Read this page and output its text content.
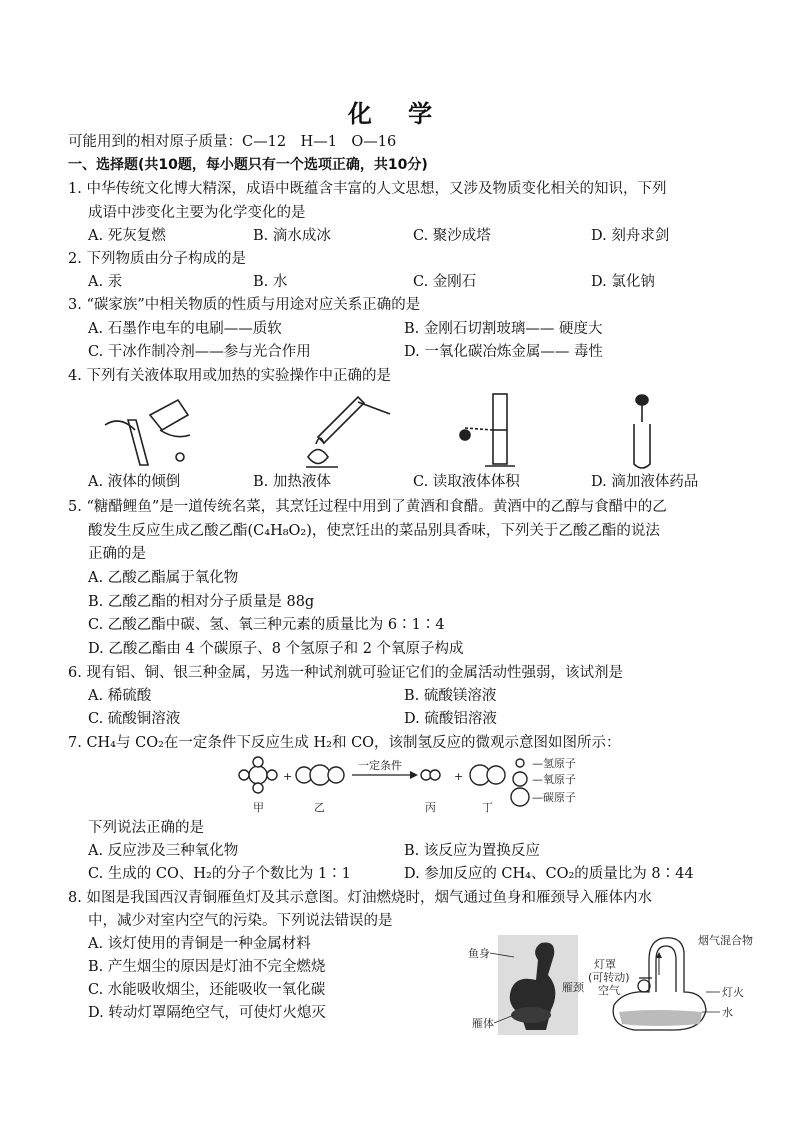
化 学
可能用到的相对原子质量：C—12　H—1　O—16
一、选择题(共10题，每小题只有一个选项正确，共10分)
1. 中华传统文化博大精深，成语中既蕴含丰富的人文思想，又涉及物质变化相关的知识，下列
成语中涉变化主要为化学变化的是
A. 死灰复燃	B. 滴水成冰	C. 聚沙成塔	D. 刻舟求剑
2. 下列物质由分子构成的是
A. 汞	B. 水	C. 金刚石	D. 氯化钠
3. “碳家族”中相关物质的性质与用途对应关系正确的是
A. 石墨作电车的电刷——质软	B. 金刚石切割玻璃—— 硬度大
C. 干冰作制冷剂——参与光合作用	D. 一氧化碳冶炼金属—— 毒性
4. 下列有关液体取用或加热的实验操作中正确的是
A. 液体的倾倒	B. 加热液体	C. 读取液体体积	D. 滴加液体药品
5. “糖醋鲤鱼”是一道传统名菜，其烹饪过程中用到了黄酒和食醋。黄酒中的乙醇与食醋中的乙
酸发生反应生成乙酸乙酯(C₄H₈O₂)，使烹饪出的菜品别具香味，下列关于乙酸乙酯的说法
正确的是
A. 乙酸乙酯属于氧化物
B. 乙酸乙酯的相对分子质量是 88g
C. 乙酸乙酯中碳、氢、氧三种元素的质量比为 6∶1∶4
D. 乙酸乙酯由 4 个碳原子、8 个氢原子和 2 个氧原子构成
6. 现有铝、铜、银三种金属，另选一种试剂就可验证它们的金属活动性强弱，该试剂是
A. 稀硫酸	B. 硫酸镁溶液
C. 硫酸铜溶液	D. 硫酸铝溶液
7. CH₄与 CO₂在一定条件下反应生成 H₂和 CO，该制氢反应的微观示意图如图所示：
+	+
一定条件
甲	乙	丙	丁
—氢原子
—氧原子
—碳原子
下列说法正确的是
A. 反应涉及三种氧化物	B. 该反应为置换反应
C. 生成的 CO、H₂的分子个数比为 1∶1	D. 参加反应的 CH₄、CO₂的质量比为 8∶44
8. 如图是我国西汉青铜雁鱼灯及其示意图。灯油燃烧时，烟气通过鱼身和雁颈导入雁体内水
中，减少对室内空气的污染。下列说法错误的是
A. 该灯使用的青铜是一种金属材料
B. 产生烟尘的原因是灯油不完全燃烧
C. 水能吸收烟尘，还能吸收一氧化碳
D. 转动灯罩隔绝空气，可使灯火熄灭
鱼身
雁颈
雁体
烟气混合物
灯罩
(可转动)
空气	灯火
水
